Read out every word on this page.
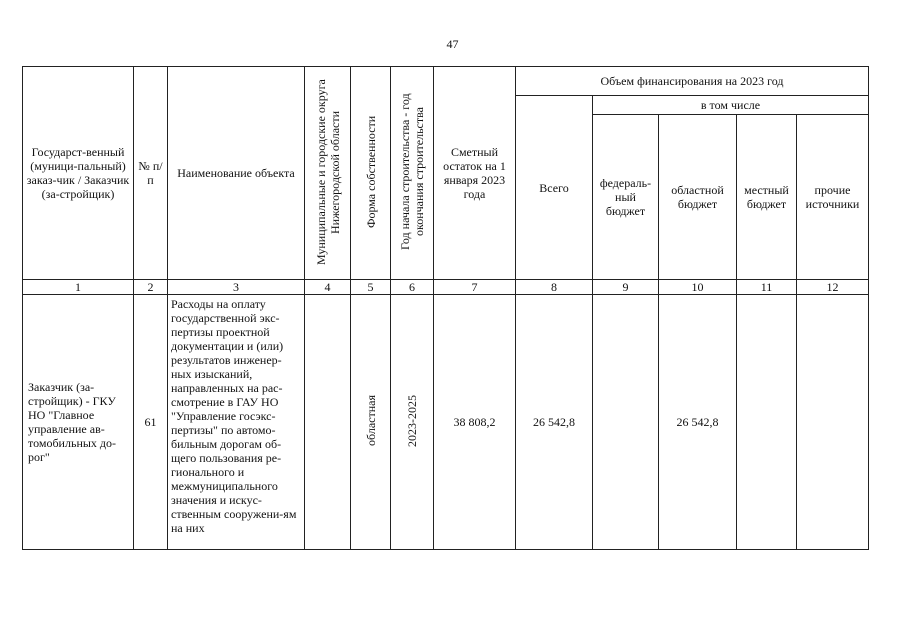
47
Государст-венный (муници-пальный) заказ-чик / Заказчик (за-стройщик)	№ п/п	Наименование объекта	Муниципальные и городские округа Нижегородской области	Форма собственности	Год начала строительства - год окончания строительства	Сметный остаток на 1 января 2023 года	Объем финансирования на 2023 год				
							Всего	в том числе			
								федераль-ный бюджет	областной бюджет	местный бюджет	прочие источники
1	2	3	4	5	6	7	8	9	10	11	12
Заказчик (за-стройщик) - ГКУ НО "Главное управление ав-томобильных до-рог"	61	Расходы на оплату государственной экс-пертизы проектной документации и (или) результатов инженер-ных изысканий, направленных на рас-смотрение в ГАУ НО "Управление госэкс-пертизы" по автомо-бильным дорогам об-щего пользования ре-гионального и межмуниципального значения и искус-ственным сооружени-ям на них		областная	2023-2025	38 808,2	26 542,8		26 542,8		
